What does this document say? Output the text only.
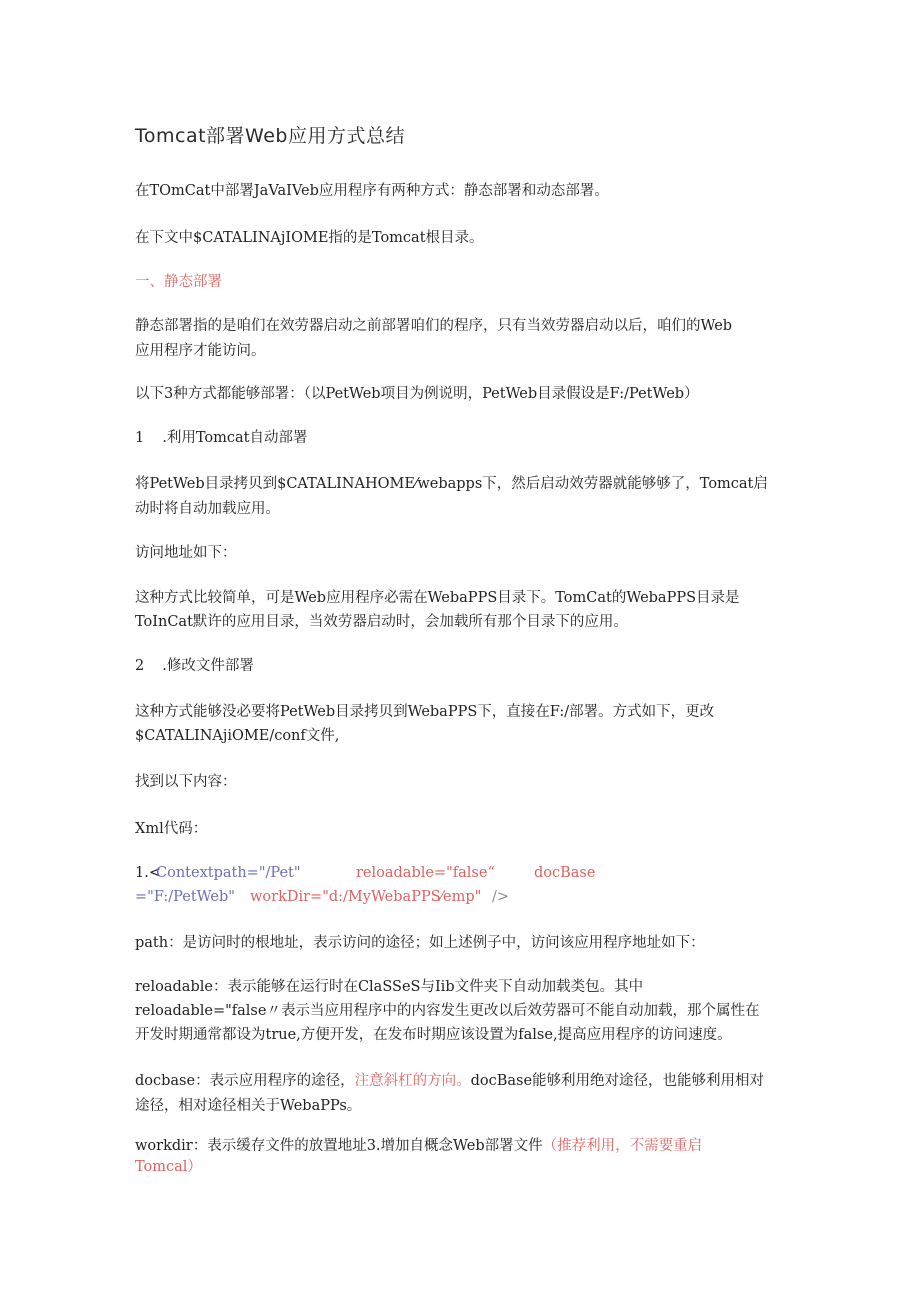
Tomcat部署Web应用方式总结
在TOmCat中部署JaVaIVeb应用程序有两种方式：静态部署和动态部署。
在下文中$CATALINAjIOME指的是Tomcat根目录。
一、静态部署
静态部署指的是咱们在效劳器启动之前部署咱们的程序，只有当效劳器启动以后，咱们的Web
应用程序才能访问。
以下3种方式都能够部署：（以PetWeb项目为例说明，PetWeb目录假设是F:/PetWeb）
1 .利用Tomcat自动部署
将PetWeb目录拷贝到$CATALINAHOME⁄webapps下，然后启动效劳器就能够够了，Tomcat启
动时将自动加载应用。
访问地址如下：
这种方式比较简单，可是Web应用程序必需在WebaPPS目录下。TomCat的WebaPPS目录是
ToInCat默许的应用目录，当效劳器启动时，会加载所有那个目录下的应用。
2 .修改文件部署
这种方式能够没必要将PetWeb目录拷贝到WebaPPS下，直接在F:/部署。方式如下，更改
$CATALINAjiOME/conf文件,
找到以下内容：
Xml代码：
1.<
Contextpath="/Pet"	reloadable="false“	docBase
="F:/PetWeb" workDir="d:/MyWebaPPS⁄emp" />
path：是访问时的根地址，表示访问的途径；如上述例子中，访问该应用程序地址如下：
reloadable：表示能够在运行时在ClaSSeS与Iib文件夹下自动加载类包。其中
reloadable="false〃表示当应用程序中的内容发生更改以后效劳器可不能自动加载，那个属性在
开发时期通常都设为true,方便开发，在发布时期应该设置为false,提高应用程序的访问速度。
docbase：表示应用程序的途径，注意斜杠的方向。docBase能够利用绝对途径，也能够利用相对
途径，相对途径相关于WebaPPs。
workdir：表示缓存文件的放置地址3.增加自概念Web部署文件（推荐利用，不需要重启
Tomcal）
